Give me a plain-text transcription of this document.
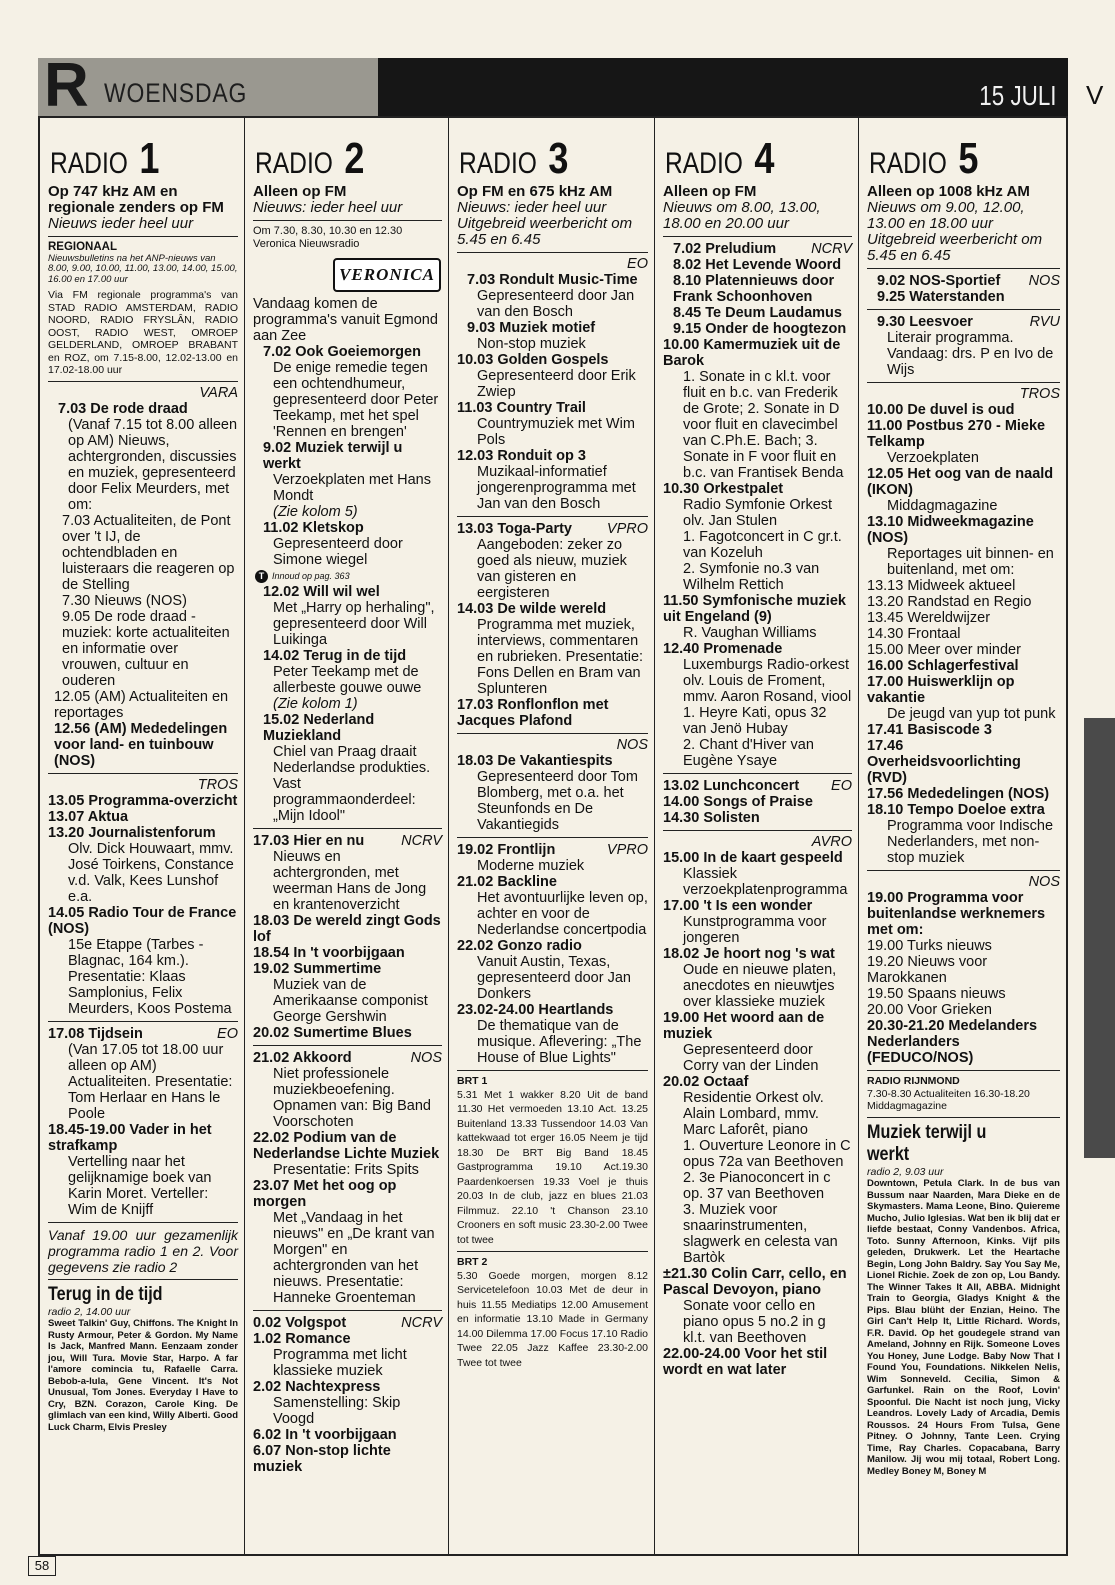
R WOENSDAG	15 JULI V
RADIO 1
Op 747 kHz AM en regionale zenders op FM
Nieuws ieder heel uur
REGIONAAL
Nieuwsbulletins na het ANP-nieuws van 8.00, 9.00, 10.00, 11.00, 13.00, 14.00, 15.00, 16.00 en 17.00 uur
Via FM regionale programma's van STAD RADIO AMSTERDAM, RADIO NOORD, RADIO FRYSLÂN, RADIO OOST, RADIO WEST, OMROEP GELDERLAND, OMROEP BRABANT en ROZ, om 7.15-8.00, 12.02-13.00 en 17.02-18.00 uur
VARA
7.03 De rode draad
(Vanaf 7.15 tot 8.00 alleen op AM) Nieuws, achtergronden, discussies en muziek, gepresenteerd door Felix Meurders, met om:
7.03 Actualiteiten, de Pont over 't IJ, de ochtendbladen en luisteraars die reageren op de Stelling
7.30 Nieuws (NOS)
9.05 De rode draad - muziek: korte actualiteiten en informatie over vrouwen, cultuur en ouderen
12.05 (AM) Actualiteiten en reportages
12.56 (AM) Mededelingen voor land- en tuinbouw (NOS)
TROS
13.05 Programma-overzicht
13.07 Aktua
13.20 Journalistenforum
Olv. Dick Houwaart, mmv. José Toirkens, Constance v.d. Valk, Kees Lunshof e.a.
14.05 Radio Tour de France (NOS)
15e Etappe (Tarbes - Blagnac, 164 km.). Presentatie: Klaas Samplonius, Felix Meurders, Koos Postema
17.08 Tijdsein	EO
(Van 17.05 tot 18.00 uur alleen op AM) Actualiteiten. Presentatie: Tom Herlaar en Hans le Poole
18.45-19.00 Vader in het strafkamp
Vertelling naar het gelijknamige boek van Karin Moret. Verteller: Wim de Knijff
Vanaf 19.00 uur gezamenlijk programma radio 1 en 2. Voor gegevens zie radio 2
Terug in de tijd
radio 2, 14.00 uur
Sweet Talkin' Guy, Chiffons. The Knight In Rusty Armour, Peter & Gordon. My Name Is Jack, Manfred Mann. Eenzaam zonder jou, Will Tura. Movie Star, Harpo. A far l'amore comincia tu, Rafaelle Carra. Bebob-a-lula, Gene Vincent. It's Not Unusual, Tom Jones. Everyday I Have to Cry, BZN. Corazon, Carole King. De glimlach van een kind, Willy Alberti. Good Luck Charm, Elvis Presley
RADIO 2
Alleen op FM
Nieuws: ieder heel uur
Om 7.30, 8.30, 10.30 en 12.30 Veronica Nieuwsradio
VERONICA
Vandaag komen de programma's vanuit Egmond aan Zee
7.02 Ook Goeiemorgen
De enige remedie tegen een ochtendhumeur, gepresenteerd door Peter Teekamp, met het spel 'Rennen en brengen'
9.02 Muziek terwijl u werkt
Verzoekplaten met Hans Mondt
(Zie kolom 5)
11.02 Kletskop
Gepresenteerd door Simone wiegel
T Innoud op pag. 363
12.02 Will wil wel
Met „Harry op herhaling", gepresenteerd door Will Luikinga
14.02 Terug in de tijd
Peter Teekamp met de allerbeste gouwe ouwe
(Zie kolom 1)
15.02 Nederland Muziekland
Chiel van Praag draait Nederlandse produkties. Vast programmaonderdeel: „Mijn Idool"
17.03 Hier en nu	NCRV
Nieuws en achtergronden, met weerman Hans de Jong en krantenoverzicht
18.03 De wereld zingt Gods lof
18.54 In 't voorbijgaan
19.02 Summertime
Muziek van de Amerikaanse componist George Gershwin
20.02 Sumertime Blues
21.02 Akkoord	NOS
Niet professionele muziekbeoefening. Opnamen van: Big Band Voorschoten
22.02 Podium van de Nederlandse Lichte Muziek
Presentatie: Frits Spits
23.07 Met het oog op morgen
Met „Vandaag in het nieuws" en „De krant van Morgen" en achtergronden van het nieuws. Presentatie: Hanneke Groenteman
0.02 Volgspot	NCRV
1.02 Romance
Programma met licht klassieke muziek
2.02 Nachtexpress
Samenstelling: Skip Voogd
6.02 In 't voorbijgaan
6.07 Non-stop lichte muziek
RADIO 3
Op FM en 675 kHz AM
Nieuws: ieder heel uur Uitgebreid weerbericht om 5.45 en 6.45
EO
7.03 Rondult Music-Time
Gepresenteerd door Jan van den Bosch
9.03 Muziek motief
Non-stop muziek
10.03 Golden Gospels
Gepresenteerd door Erik Zwiep
11.03 Country Trail
Countrymuziek met Wim Pols
12.03 Ronduit op 3
Muzikaal-informatief jongerenprogramma met Jan van den Bosch
13.03 Toga-Party VPRO
Aangeboden: zeker zo goed als nieuw, muziek van gisteren en eergisteren
14.03 De wilde wereld
Programma met muziek, interviews, commentaren en rubrieken. Presentatie: Fons Dellen en Bram van Splunteren
17.03 Ronflonflon met Jacques Plafond
NOS
18.03 De Vakantiespits
Gepresenteerd door Tom Blomberg, met o.a. het Steunfonds en De Vakantiegids
19.02 Frontlijn	VPRO
Moderne muziek
21.02 Backline
Het avontuurlijke leven op, achter en voor de Nederlandse concertpodia
22.02 Gonzo radio
Vanuit Austin, Texas, gepresenteerd door Jan Donkers
23.02-24.00 Heartlands
De thematique van de musique. Aflevering: „The House of Blue Lights"
BRT 1
5.31 Met 1 wakker 8.20 Uit de band 11.30 Het vermoeden 13.10 Act. 13.25 Buitenland 13.33 Tussendoor 14.03 Van kattekwaad tot erger 16.05 Neem je tijd 18.30 De BRT Big Band 18.45 Gastprogramma 19.10 Act.19.30 Paardenkoersen 19.33 Voel je thuis 20.03 In de club, jazz en blues 21.03 Filmmuz. 22.10 't Chanson 23.10 Crooners en soft music 23.30-2.00 Twee tot twee
BRT 2
5.30 Goede morgen, morgen 8.12 Servicetelefoon 10.03 Met de deur in huis 11.55 Mediatips 12.00 Amusement en informatie 13.10 Made in Germany 14.00 Dilemma 17.00 Focus 17.10 Radio Twee 22.05 Jazz Kaffee 23.30-2.00 Twee tot twee
RADIO 4
Alleen op FM
Nieuws om 8.00, 13.00, 18.00 en 20.00 uur
7.02 Preludium NCRV
8.02 Het Levende Woord
8.10 Platennieuws door Frank Schoonhoven
8.45 Te Deum Laudamus
9.15 Onder de hoogtezon
10.00 Kamermuziek uit de Barok
1. Sonate in c kl.t. voor fluit en b.c. van Frederik de Grote; 2. Sonate in D voor fluit en clavecimbel van C.Ph.E. Bach; 3. Sonate in F voor fluit en b.c. van Frantisek Benda
10.30 Orkestpalet
Radio Symfonie Orkest olv. Jan Stulen
1. Fagotconcert in C gr.t. van Kozeluh
2. Symfonie no.3 van Wilhelm Rettich
11.50 Symfonische muziek uit Engeland (9)
R. Vaughan Williams
12.40 Promenade
Luxemburgs Radio-orkest olv. Louis de Froment, mmv. Aaron Rosand, viool
1. Heyre Kati, opus 32 van Jenö Hubay
2. Chant d'Hiver van Eugène Ysaye
13.02 Lunchconcert EO
14.00 Songs of Praise
14.30 Solisten
AVRO
15.00 In de kaart gespeeld
Klassiek verzoekplatenprogramma
17.00 't Is een wonder
Kunstprogramma voor jongeren
18.02 Je hoort nog 's wat
Oude en nieuwe platen, anecdotes en nieuwtjes over klassieke muziek
19.00 Het woord aan de muziek
Gepresenteerd door Corry van der Linden
20.02 Octaaf
Residentie Orkest olv. Alain Lombard, mmv. Marc Laforêt, piano
1. Ouverture Leonore in C opus 72a van Beethoven
2. 3e Pianoconcert in c op. 37 van Beethoven
3. Muziek voor snaarinstrumenten, slagwerk en celesta van Bartòk
±21.30 Colin Carr, cello, en Pascal Devoyon, piano
Sonate voor cello en piano opus 5 no.2 in g kl.t. van Beethoven
22.00-24.00 Voor het stil wordt en wat later
RADIO 5
Alleen op 1008 kHz AM
Nieuws om 9.00, 12.00, 13.00 en 18.00 uur Uitgebreid weerbericht om 5.45 en 6.45
9.02 NOS-Sportief NOS
9.25 Waterstanden
9.30 Leesvoer	RVU
Literair programma. Vandaag: drs. P en Ivo de Wijs
TROS
10.00 De duvel is oud
11.00 Postbus 270 - Mieke Telkamp
Verzoekplaten
12.05 Het oog van de naald (IKON)
Middagmagazine
13.10 Midweekmagazine (NOS)
Reportages uit binnen- en buitenland, met om:
13.13 Midweek aktueel
13.20 Randstad en Regio
13.45 Wereldwijzer
14.30 Frontaal
15.00 Meer over minder
16.00 Schlagerfestival
17.00 Huiswerklijn op vakantie
De jeugd van yup tot punk
17.41 Basiscode 3
17.46 Overheidsvoorlichting (RVD)
17.56 Mededelingen (NOS)
18.10 Tempo Doeloe extra
Programma voor Indische Nederlanders, met non-stop muziek
NOS
19.00 Programma voor buitenlandse werknemers met om:
19.00 Turks nieuws
19.20 Nieuws voor Marokkanen
19.50 Spaans nieuws
20.00 Voor Grieken
20.30-21.20 Medelanders Nederlanders (FEDUCO/NOS)
RADIO RIJNMOND
7.30-8.30 Actualiteiten 16.30-18.20 Middagmagazine
Muziek terwijl u werkt
radio 2, 9.03 uur
Downtown, Petula Clark. In de bus van Bussum naar Naarden, Mara Dieke en de Skymasters. Mama Leone, Bino. Quiereme Mucho, Julio Iglesias. Wat ben ik blij dat er liefde bestaat, Conny Vandenbos. Africa, Toto. Sunny Afternoon, Kinks. Vijf pils geleden, Drukwerk. Let the Heartache Begin, Long John Baldry. Say You Say Me, Lionel Richie. Zoek de zon op, Lou Bandy. The Winner Takes It All, ABBA. Midnight Train to Georgia, Gladys Knight & the Pips. Blau blüht der Enzian, Heino. The Girl Can't Help It, Little Richard. Words, F.R. David. Op het goudegele strand van Ameland, Johnny en Rijk. Someone Loves You Honey, June Lodge. Baby Now That I Found You, Foundations. Nikkelen Nelis, Wim Sonneveld. Cecilia, Simon & Garfunkel. Rain on the Roof, Lovin' Spoonful. Die Nacht ist noch jung, Vicky Leandros. Lovely Lady of Arcadia, Demis Roussos. 24 Hours From Tulsa, Gene Pitney. O Johnny, Tante Leen. Crying Time, Ray Charles. Copacabana, Barry Manilow. Jij wou mij totaal, Robert Long. Medley Boney M, Boney M
58
